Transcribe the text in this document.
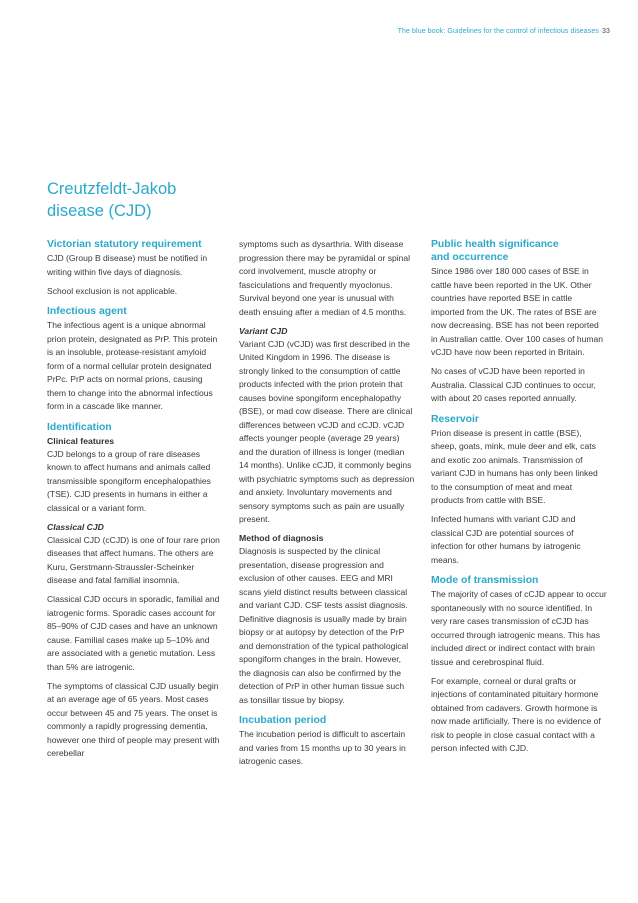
The blue book: Guidelines for the control of infectious diseases 33
Creutzfeldt-Jakob
disease (CJD)
Victorian statutory requirement

CJD (Group B disease) must be notified in writing within five days of diagnosis.

School exclusion is not applicable.

Infectious agent

The infectious agent is a unique abnormal prion protein, designated as PrP. This protein is an insoluble, protease-resistant amyloid form of a normal cellular protein designated PrPc. PrP acts on normal prions, causing them to change into the abnormal infectious form in a cascade like manner.

Identification
Clinical features

CJD belongs to a group of rare diseases known to affect humans and animals called transmissible spongiform encephalopathies (TSE). CJD presents in humans in either a classical or a variant form.

Classical CJD

Classical CJD (cCJD) is one of four rare prion diseases that affect humans. The others are Kuru, Gerstmann-Straussler-Scheinker disease and fatal familial insomnia.

Classical CJD occurs in sporadic, familial and iatrogenic forms. Sporadic cases account for 85–90% of CJD cases and have an unknown cause. Familial cases make up 5–10% and are associated with a genetic mutation. Less than 5% are iatrogenic.

The symptoms of classical CJD usually begin at an average age of 65 years. Most cases occur between 45 and 75 years. The onset is commonly a rapidly progressing dementia, however one third of people may present with cerebellar

symptoms such as dysarthria. With disease progression there may be pyramidal or spinal cord involvement, muscle atrophy or fasciculations and frequently myoclonus. Survival beyond one year is unusual with death ensuing after a median of 4.5 months.

Variant CJD

Variant CJD (vCJD) was first described in the United Kingdom in 1996. The disease is strongly linked to the consumption of cattle products infected with the prion protein that causes bovine spongiform encephalopathy (BSE), or mad cow disease. There are clinical differences between vCJD and cCJD. vCJD affects younger people (average 29 years) and the duration of illness is longer (median 14 months). Unlike cCJD, it commonly begins with psychiatric symptoms such as depression and anxiety. Involuntary movements and sensory symptoms such as pain are usually present.

Method of diagnosis

Diagnosis is suspected by the clinical presentation, disease progression and exclusion of other causes. EEG and MRI scans yield distinct results between classical and variant CJD. CSF tests assist diagnosis. Definitive diagnosis is usually made by brain biopsy or at autopsy by detection of the PrP and demonstration of the typical pathological spongiform changes in the brain. However, the diagnosis can also be confirmed by the detection of PrP in other human tissue such as tonsillar tissue by biopsy.

Incubation period

The incubation period is difficult to ascertain and varies from 15 months up to 30 years in iatrogenic cases.

Public health significance
and occurrence

Since 1986 over 180 000 cases of BSE in cattle have been reported in the UK. Other countries have reported BSE in cattle imported from the UK. The rates of BSE are now decreasing. BSE has not been reported in Australian cattle. Over 100 cases of human vCJD have now been reported in Britain.

No cases of vCJD have been reported in Australia. Classical CJD continues to occur, with about 20 cases reported annually.

Reservoir

Prion disease is present in cattle (BSE), sheep, goats, mink, mule deer and elk, cats and exotic zoo animals. Transmission of variant CJD in humans has only been linked to the consumption of meat and meat products from cattle with BSE.

Infected humans with variant CJD and classical CJD are potential sources of infection for other humans by iatrogenic means.

Mode of transmission

The majority of cases of cCJD appear to occur spontaneously with no source identified. In very rare cases transmission of cCJD has occurred through iatrogenic means. This has included direct or indirect contact with brain tissue and cerebrospinal fluid.

For example, corneal or dural grafts or injections of contaminated pituitary hormone obtained from cadavers. Growth hormone is now made artificially. There is no evidence of risk to people in close casual contact with a person infected with CJD.
